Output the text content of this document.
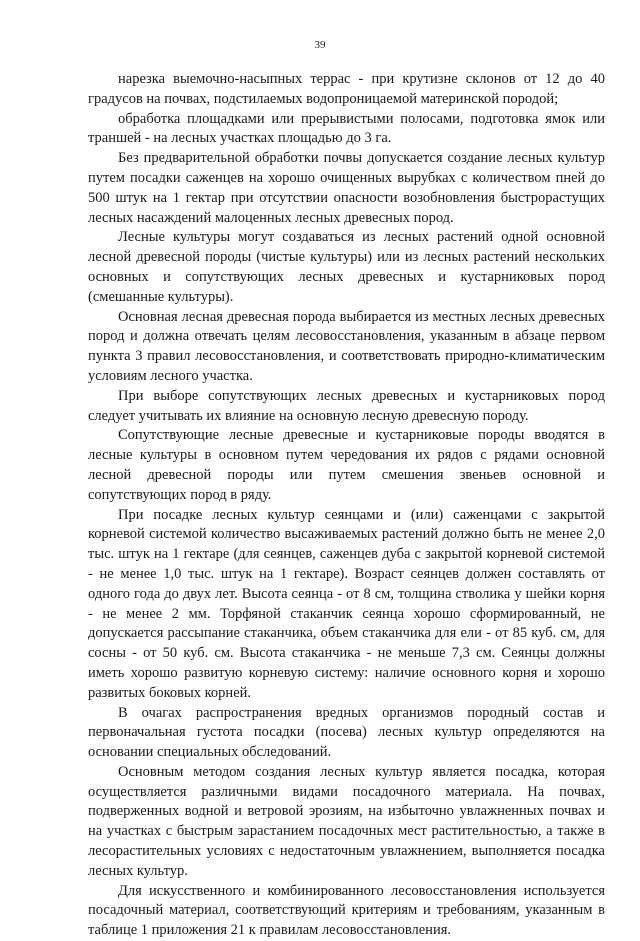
39

нарезка выемочно-насыпных террас - при крутизне склонов от 12 до 40 градусов на почвах, подстилаемых водопроницаемой материнской породой;

обработка площадками или прерывистыми полосами, подготовка ямок или траншей - на лесных участках площадью до 3 га.

Без предварительной обработки почвы допускается создание лесных культур путем посадки саженцев на хорошо очищенных вырубках с количеством пней до 500 штук на 1 гектар при отсутствии опасности возобновления быстрорастущих лесных насаждений малоценных лесных древесных пород.

Лесные культуры могут создаваться из лесных растений одной основной лесной древесной породы (чистые культуры) или из лесных растений нескольких основных и сопутствующих лесных древесных и кустарниковых пород (смешанные культуры).

Основная лесная древесная порода выбирается из местных лесных древесных пород и должна отвечать целям лесовосстановления, указанным в абзаце первом пункта 3 правил лесовосстановления, и соответствовать природно-климатическим условиям лесного участка.

При выборе сопутствующих лесных древесных и кустарниковых пород следует учитывать их влияние на основную лесную древесную породу.

Сопутствующие лесные древесные и кустарниковые породы вводятся в лесные культуры в основном путем чередования их рядов с рядами основной лесной древесной породы или путем смешения звеньев основной и сопутствующих пород в ряду.

При посадке лесных культур сеянцами и (или) саженцами с закрытой корневой системой количество высаживаемых растений должно быть не менее 2,0 тыс. штук на 1 гектаре (для сеянцев, саженцев дуба с закрытой корневой системой - не менее 1,0 тыс. штук на 1 гектаре). Возраст сеянцев должен составлять от одного года до двух лет. Высота сеянца - от 8 см, толщина стволика у шейки корня - не менее 2 мм. Торфяной стаканчик сеянца хорошо сформированный, не допускается рассыпание стаканчика, объем стаканчика для ели - от 85 куб. см, для сосны - от 50 куб. см. Высота стаканчика - не меньше 7,3 см. Сеянцы должны иметь хорошо развитую корневую систему: наличие основного корня и хорошо развитых боковых корней.

В очагах распространения вредных организмов породный состав и первоначальная густота посадки (посева) лесных культур определяются на основании специальных обследований.

Основным методом создания лесных культур является посадка, которая осуществляется различными видами посадочного материала. На почвах, подверженных водной и ветровой эрозиям, на избыточно увлажненных почвах и на участках с быстрым зарастанием посадочных мест растительностью, а также в лесорастительных условиях с недостаточным увлажнением, выполняется посадка лесных культур.

Для искусственного и комбинированного лесовосстановления используется посадочный материал, соответствующий критериям и требованиям, указанным в таблице 1 приложения 21 к правилам лесовосстановления.
